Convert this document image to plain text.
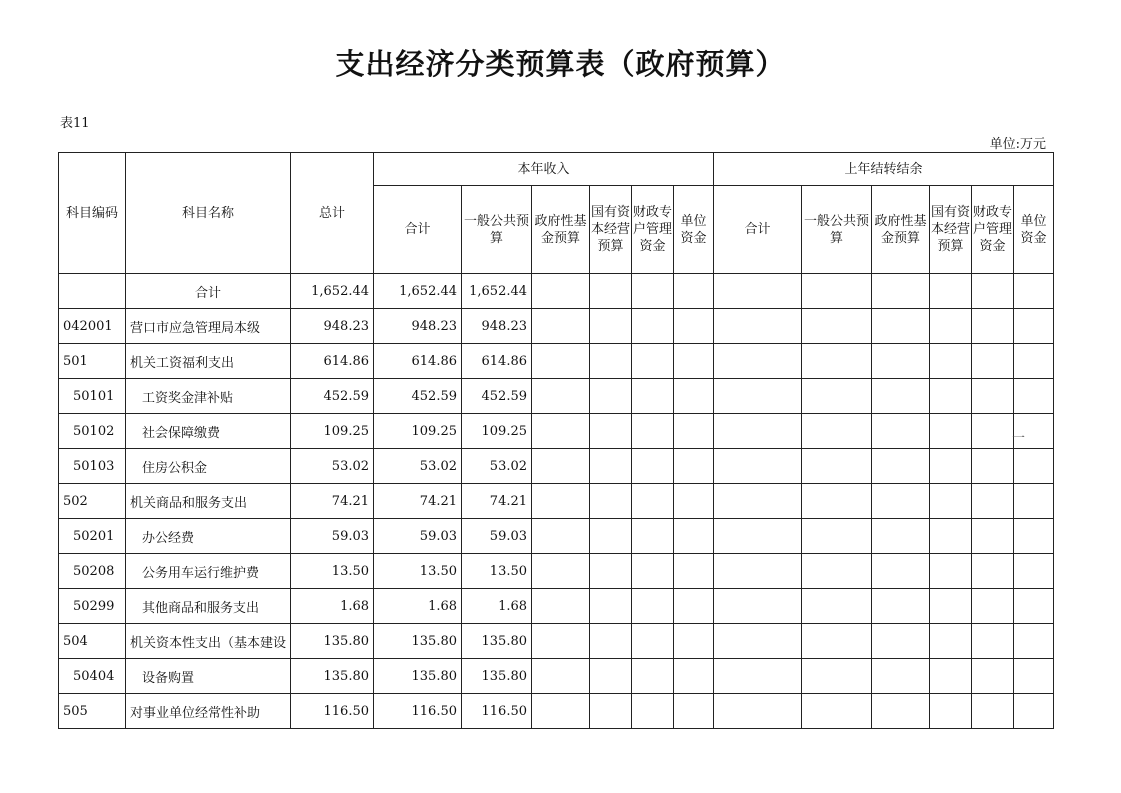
支出经济分类预算表（政府预算）
表11
单位:万元
科目编码	科目名称	总计	本年收入						上年结转结余					
			合计	一般公共预算	政府性基金预算	国有资本经营预算	财政专户管理资金	单位资金	合计	一般公共预算	政府性基金预算	国有资本经营预算	财政专户管理资金	单位资金
	合计	1,652.44	1,652.44	1,652.44										
042001	营口市应急管理局本级	948.23	948.23	948.23										
501	机关工资福利支出	614.86	614.86	614.86										
50101	工资奖金津补贴	452.59	452.59	452.59										
50102	社会保障缴费	109.25	109.25	109.25										
50103	住房公积金	53.02	53.02	53.02										
502	机关商品和服务支出	74.21	74.21	74.21										
50201	办公经费	59.03	59.03	59.03										
50208	公务用车运行维护费	13.50	13.50	13.50										
50299	其他商品和服务支出	1.68	1.68	1.68										
504	机关资本性支出（基本建设	135.80	135.80	135.80										
50404	设备购置	135.80	135.80	135.80										
505	对事业单位经常性补助	116.50	116.50	116.50										
一
